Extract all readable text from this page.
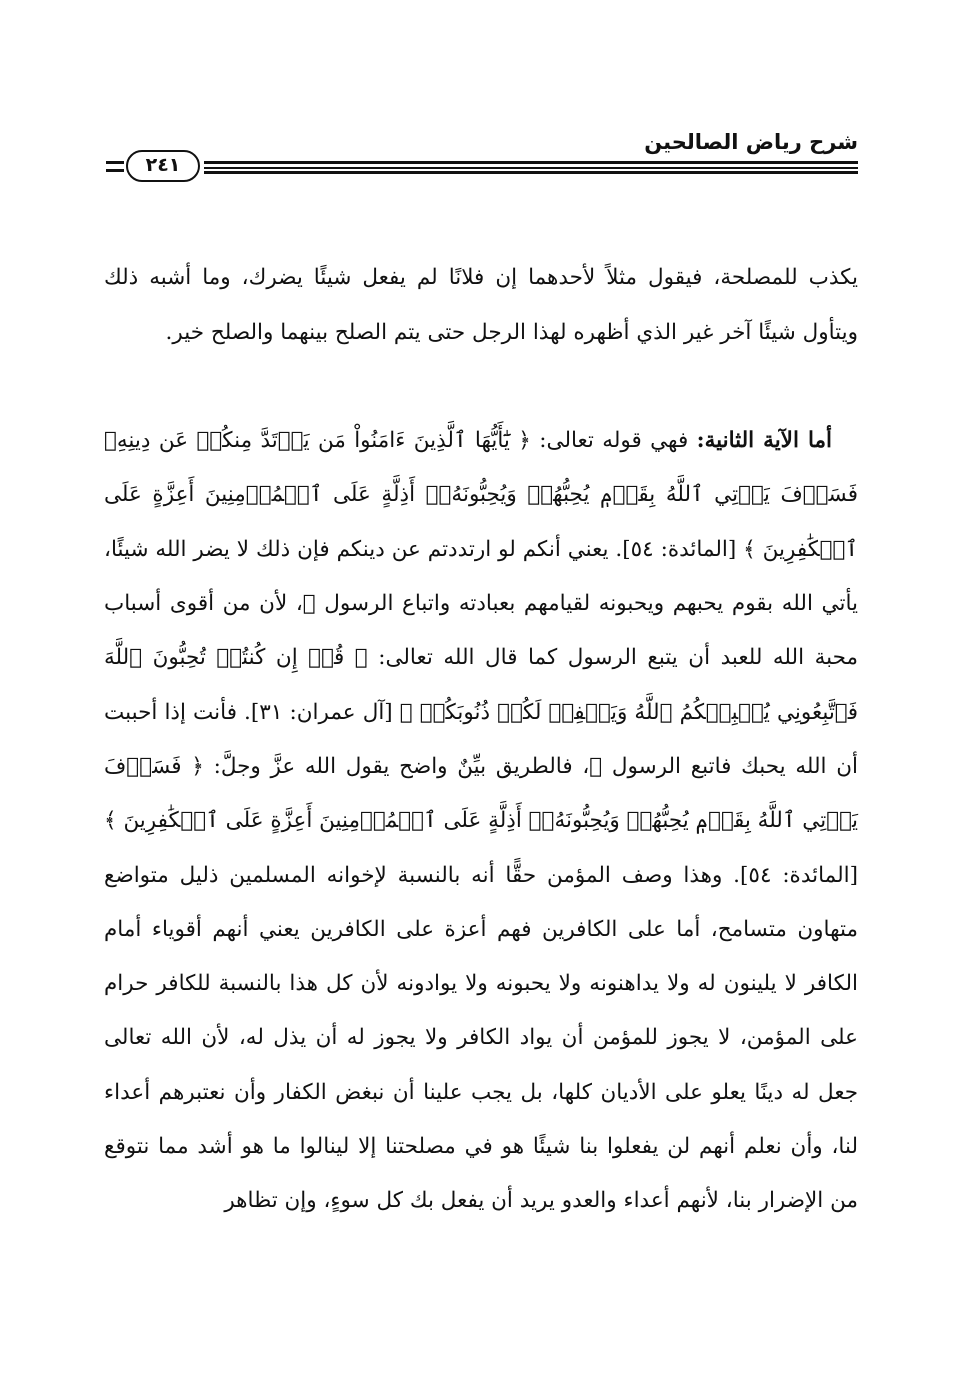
شرح رياض الصالحين
٢٤١

يكذب للمصلحة، فيقول مثلاً لأحدهما إن فلانًا لم يفعل شيئًا يضرك، وما أشبه ذلك ويتأول شيئًا آخر غير الذي أظهره لهذا الرجل حتى يتم الصلح بينهما والصلح خير.

أما الآية الثانية: فهي قوله تعالى: ﴿ يَٰٓأَيُّهَا ٱلَّذِينَ ءَامَنُواْ مَن يَرۡتَدَّ مِنكُمۡ عَن دِينِهِۦ فَسَوۡفَ يَأۡتِي ٱللَّهُ بِقَوۡمٖ يُحِبُّهُمۡ وَيُحِبُّونَهُۥٓ أَذِلَّةٍ عَلَى ٱلۡمُؤۡمِنِينَ أَعِزَّةٍ عَلَى ٱلۡكَٰفِرِينَ ﴾ [المائدة: ٥٤]. يعني أنكم لو ارتددتم عن دينكم فإن ذلك لا يضر الله شيئًا، يأتي الله بقوم يحبهم ويحبونه لقيامهم بعبادته واتباع الرسول ﷺ، لأن من أقوى أسباب محبة الله للعبد أن يتبع الرسول كما قال الله تعالى: ﴿ قُلۡ إِن كُنتُمۡ تُحِبُّونَ ٱللَّهَ فَٱتَّبِعُونِي يُحۡبِبۡكُمُ ٱللَّهُ وَيَغۡفِرۡ لَكُمۡ ذُنُوبَكُمۡ ﴾ [آل عمران: ٣١]. فأنت إذا أحببت أن الله يحبك فاتبع الرسول ﷺ، فالطريق بيِّنٌ واضح يقول الله عزَّ وجلَّ: ﴿ فَسَوۡفَ يَأۡتِي ٱللَّهُ بِقَوۡمٖ يُحِبُّهُمۡ وَيُحِبُّونَهُۥٓ أَذِلَّةٍ عَلَى ٱلۡمُؤۡمِنِينَ أَعِزَّةٍ عَلَى ٱلۡكَٰفِرِينَ ﴾ [المائدة: ٥٤]. وهذا وصف المؤمن حقًّا أنه بالنسبة لإخوانه المسلمين ذليل متواضع متهاون متسامح، أما على الكافرين فهم أعزة على الكافرين يعني أنهم أقوياء أمام الكافر لا يلينون له ولا يداهنونه ولا يحبونه ولا يوادونه لأن كل هذا بالنسبة للكافر حرام على المؤمن، لا يجوز للمؤمن أن يواد الكافر ولا يجوز له أن يذل له، لأن الله تعالى جعل له دينًا يعلو على الأديان كلها، بل يجب علينا أن نبغض الكفار وأن نعتبرهم أعداء لنا، وأن نعلم أنهم لن يفعلوا بنا شيئًا هو في مصلحتنا إلا لينالوا ما هو أشد مما نتوقع من الإضرار بنا، لأنهم أعداء والعدو يريد أن يفعل بك كل سوءٍ، وإن تظاهر
